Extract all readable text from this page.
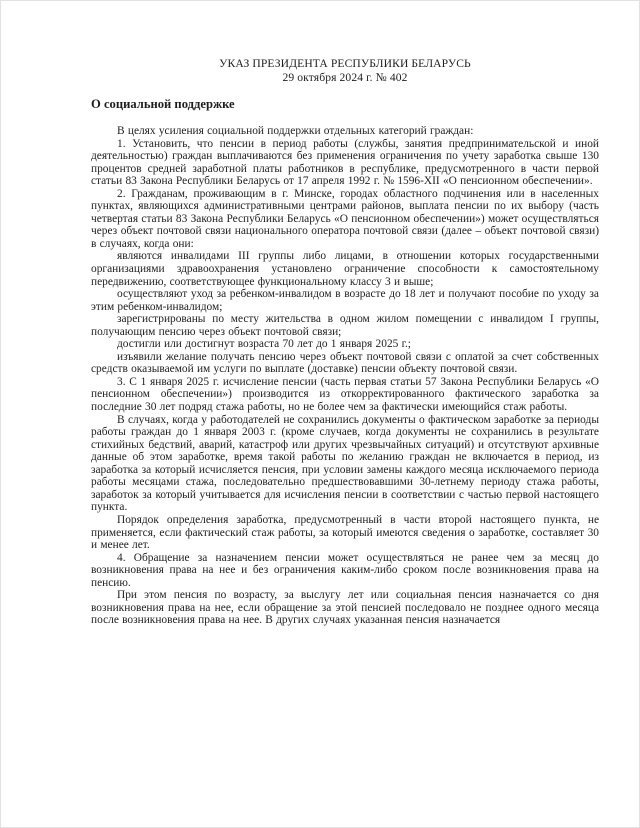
УКАЗ ПРЕЗИДЕНТА РЕСПУБЛИКИ БЕЛАРУСЬ
29 октября 2024 г. № 402
О социальной поддержке

В целях усиления социальной поддержки отдельных категорий граждан:

1. Установить, что пенсии в период работы (службы, занятия предпринимательской и иной деятельностью) граждан выплачиваются без применения ограничения по учету заработка свыше 130 процентов средней заработной платы работников в республике, предусмотренного в части первой статьи 83 Закона Республики Беларусь от 17 апреля 1992 г. № 1596-XII «О пенсионном обеспечении».

2. Гражданам, проживающим в г. Минске, городах областного подчинения или в населенных пунктах, являющихся административными центрами районов, выплата пенсии по их выбору (часть четвертая статьи 83 Закона Республики Беларусь «О пенсионном обеспечении») может осуществляться через объект почтовой связи национального оператора почтовой связи (далее – объект почтовой связи) в случаях, когда они:

являются инвалидами III группы либо лицами, в отношении которых государственными организациями здравоохранения установлено ограничение способности к самостоятельному передвижению, соответствующее функциональному классу 3 и выше;

осуществляют уход за ребенком-инвалидом в возрасте до 18 лет и получают пособие по уходу за этим ребенком-инвалидом;

зарегистрированы по месту жительства в одном жилом помещении с инвалидом I группы, получающим пенсию через объект почтовой связи;

достигли или достигнут возраста 70 лет до 1 января 2025 г.;

изъявили желание получать пенсию через объект почтовой связи с оплатой за счет собственных средств оказываемой им услуги по выплате (доставке) пенсии объекту почтовой связи.

3. С 1 января 2025 г. исчисление пенсии (часть первая статьи 57 Закона Республики Беларусь «О пенсионном обеспечении») производится из откорректированного фактического заработка за последние 30 лет подряд стажа работы, но не более чем за фактически имеющийся стаж работы.

В случаях, когда у работодателей не сохранились документы о фактическом заработке за периоды работы граждан до 1 января 2003 г. (кроме случаев, когда документы не сохранились в результате стихийных бедствий, аварий, катастроф или других чрезвычайных ситуаций) и отсутствуют архивные данные об этом заработке, время такой работы по желанию граждан не включается в период, из заработка за который исчисляется пенсия, при условии замены каждого месяца исключаемого периода работы месяцами стажа, последовательно предшествовавшими 30-летнему периоду стажа работы, заработок за который учитывается для исчисления пенсии в соответствии с частью первой настоящего пункта.

Порядок определения заработка, предусмотренный в части второй настоящего пункта, не применяется, если фактический стаж работы, за который имеются сведения о заработке, составляет 30 и менее лет.

4. Обращение за назначением пенсии может осуществляться не ранее чем за месяц до возникновения права на нее и без ограничения каким-либо сроком после возникновения права на пенсию.

При этом пенсия по возрасту, за выслугу лет или социальная пенсия назначается со дня возникновения права на нее, если обращение за этой пенсией последовало не позднее одного месяца после возникновения права на нее. В других случаях указанная пенсия назначается
